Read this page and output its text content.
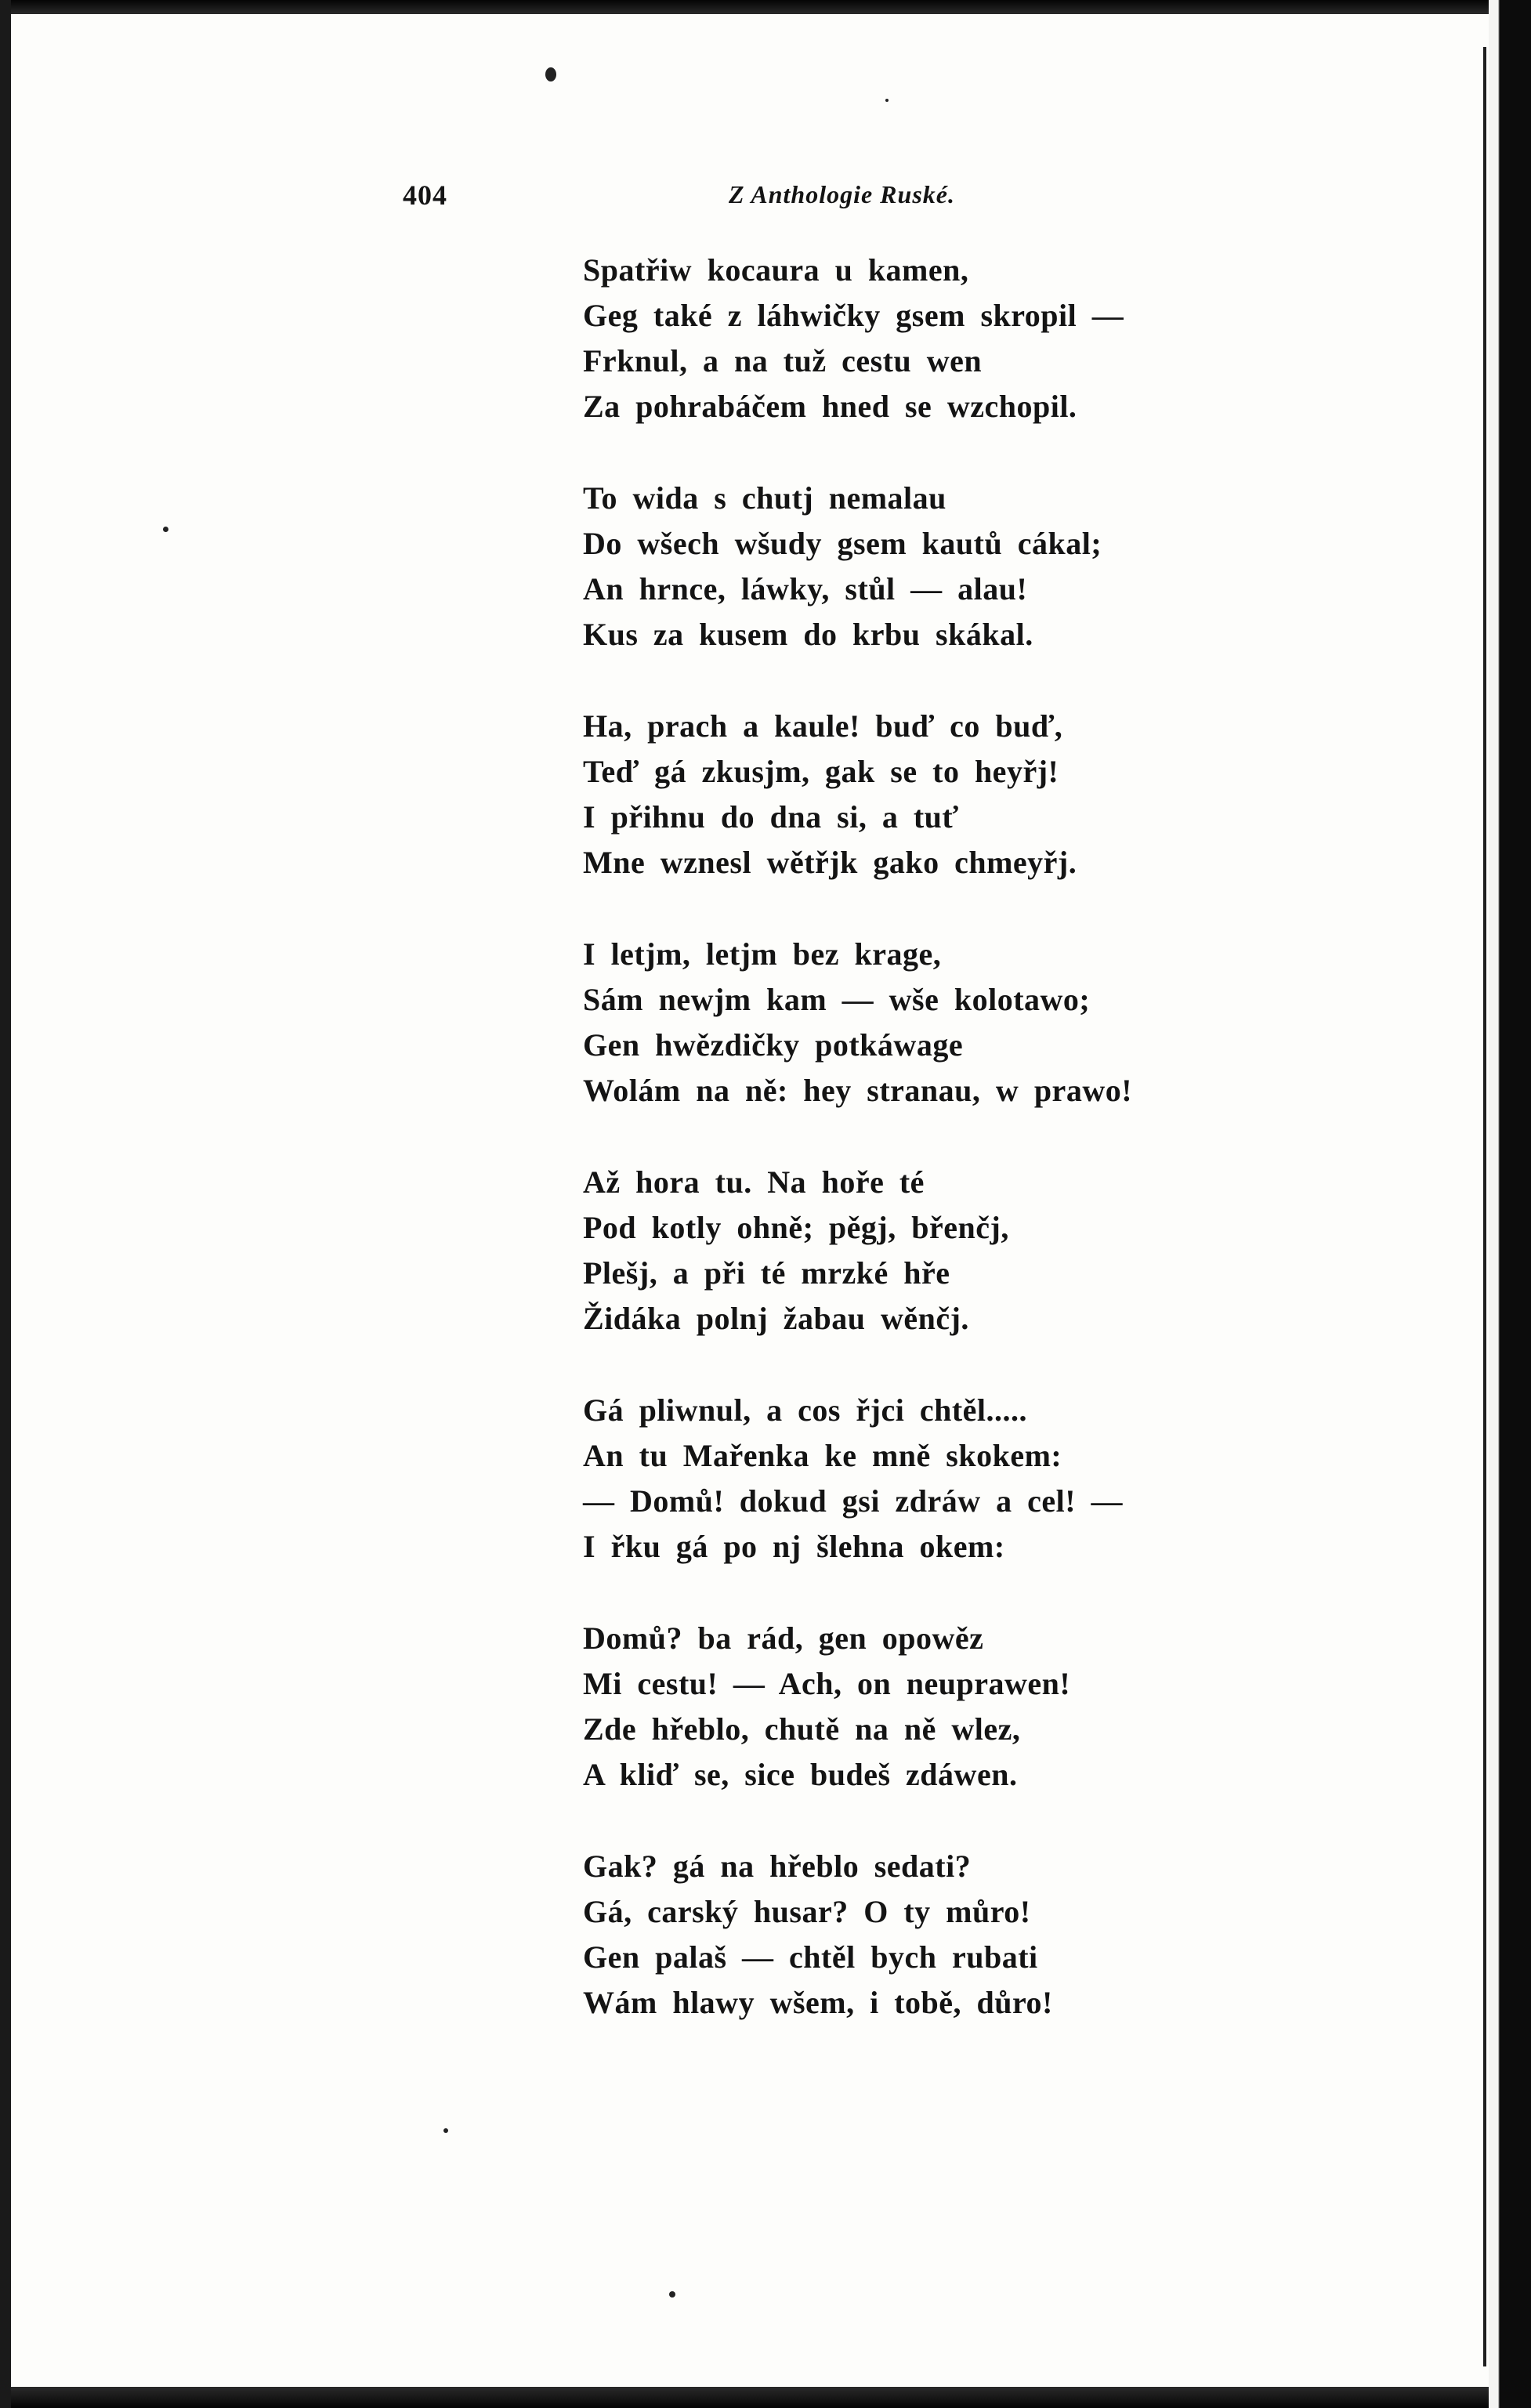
404	Z Anthologie Ruské.
Spatřiw kocaura u kamen,
Geg také z láhwičky gsem skropil —
Frknul, a na tuž cestu wen
Za pohrabáčem hned se wzchopil.
To wida s chutj nemalau
Do wšech wšudy gsem kautů cákal;
An hrnce, láwky, stůl — alau!
Kus za kusem do krbu skákal.
Ha, prach a kaule! buď co buď,
Teď gá zkusjm, gak se to heyřj!
I přihnu do dna si, a tuť
Mne wznesl wětřjk gako chmeyřj.
I letjm, letjm bez krage,
Sám newjm kam — wše kolotawo;
Gen hwězdičky potkáwage
Wolám na ně: hey stranau, w prawo!
Až hora tu. Na hoře té
Pod kotly ohně; pěgj, břenčj,
Plešj, a při té mrzké hře
Židáka polnj žabau wěnčj.
Gá pliwnul, a cos řjci chtěl.....
An tu Mařenka ke mně skokem:
— Domů! dokud gsi zdráw a cel! —
I řku gá po nj šlehna okem:
Domů? ba rád, gen opowěz
Mi cestu! — Ach, on neuprawen!
Zde hřeblo, chutě na ně wlez,
A kliď se, sice budeš zdáwen.
Gak? gá na hřeblo sedati?
Gá, carský husar? O ty můro!
Gen palaš — chtěl bych rubati
Wám hlawy wšem, i tobě, důro!
